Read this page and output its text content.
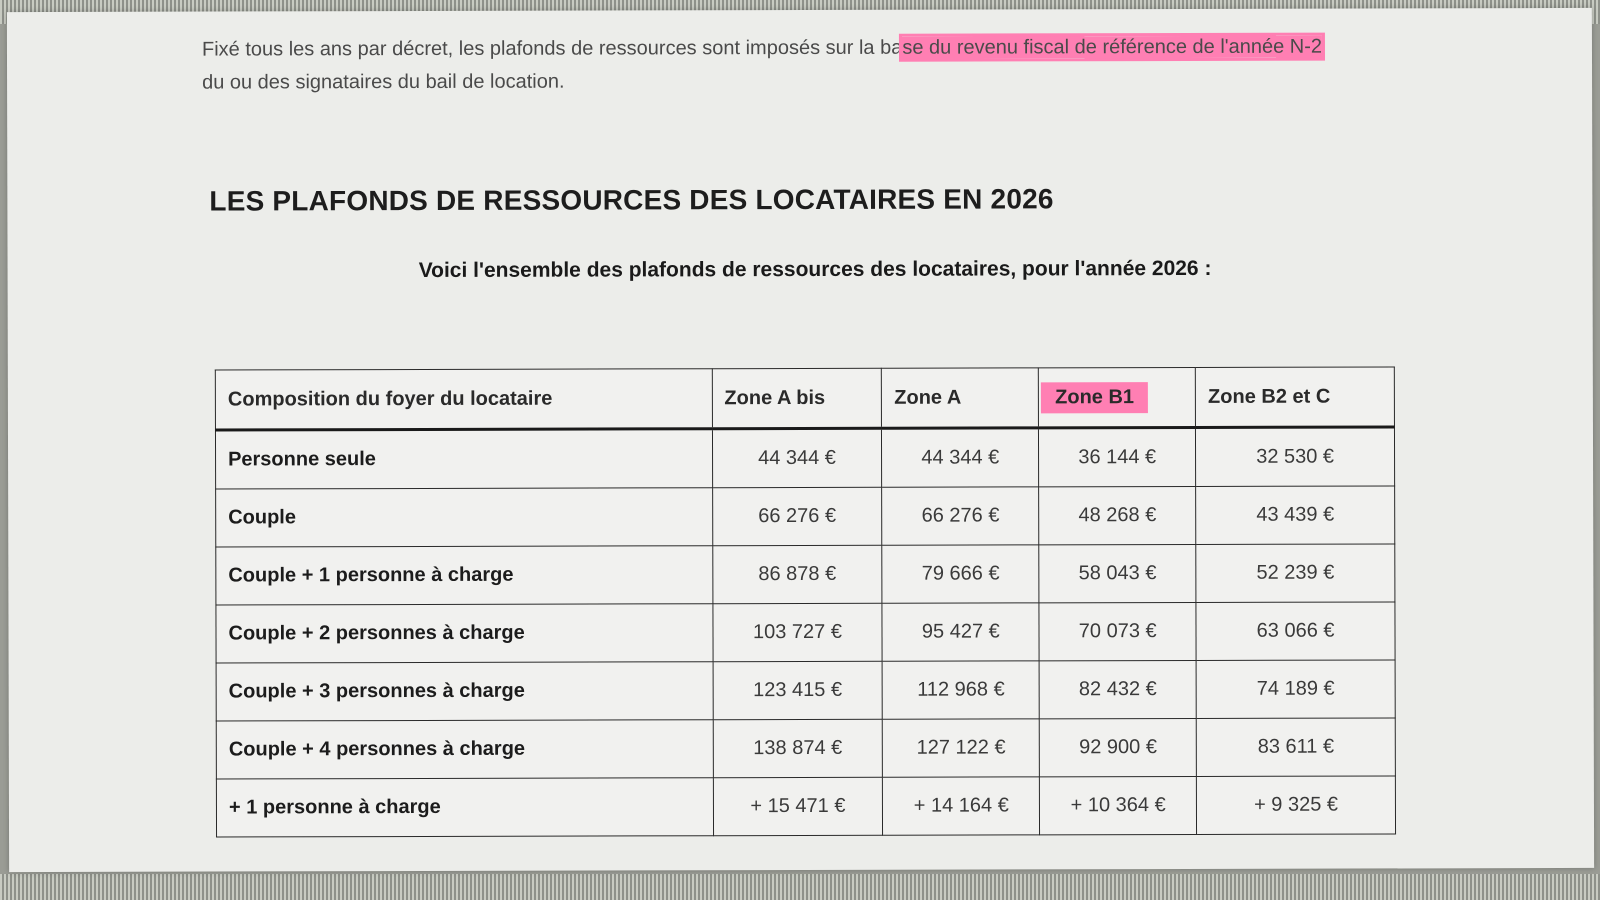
Fixé tous les ans par décret, les plafonds de ressources sont imposés sur la base du revenu fiscal de référence de l'année N-2
du ou des signataires du bail de location.
LES PLAFONDS DE RESSOURCES DES LOCATAIRES EN 2026
Voici l'ensemble des plafonds de ressources des locataires, pour l'année 2026 :
Composition du foyer du locataire	Zone A bis	Zone A	Zone B1	Zone B2 et C
Personne seule	44 344 €	44 344 €	36 144 €	32 530 €
Couple	66 276 €	66 276 €	48 268 €	43 439 €
Couple + 1 personne à charge	86 878 €	79 666 €	58 043 €	52 239 €
Couple + 2 personnes à charge	103 727 €	95 427 €	70 073 €	63 066 €
Couple + 3 personnes à charge	123 415 €	112 968 €	82 432 €	74 189 €
Couple + 4 personnes à charge	138 874 €	127 122 €	92 900 €	83 611 €
+ 1 personne à charge	+ 15 471 €	+ 14 164 €	+ 10 364 €	+ 9 325 €
